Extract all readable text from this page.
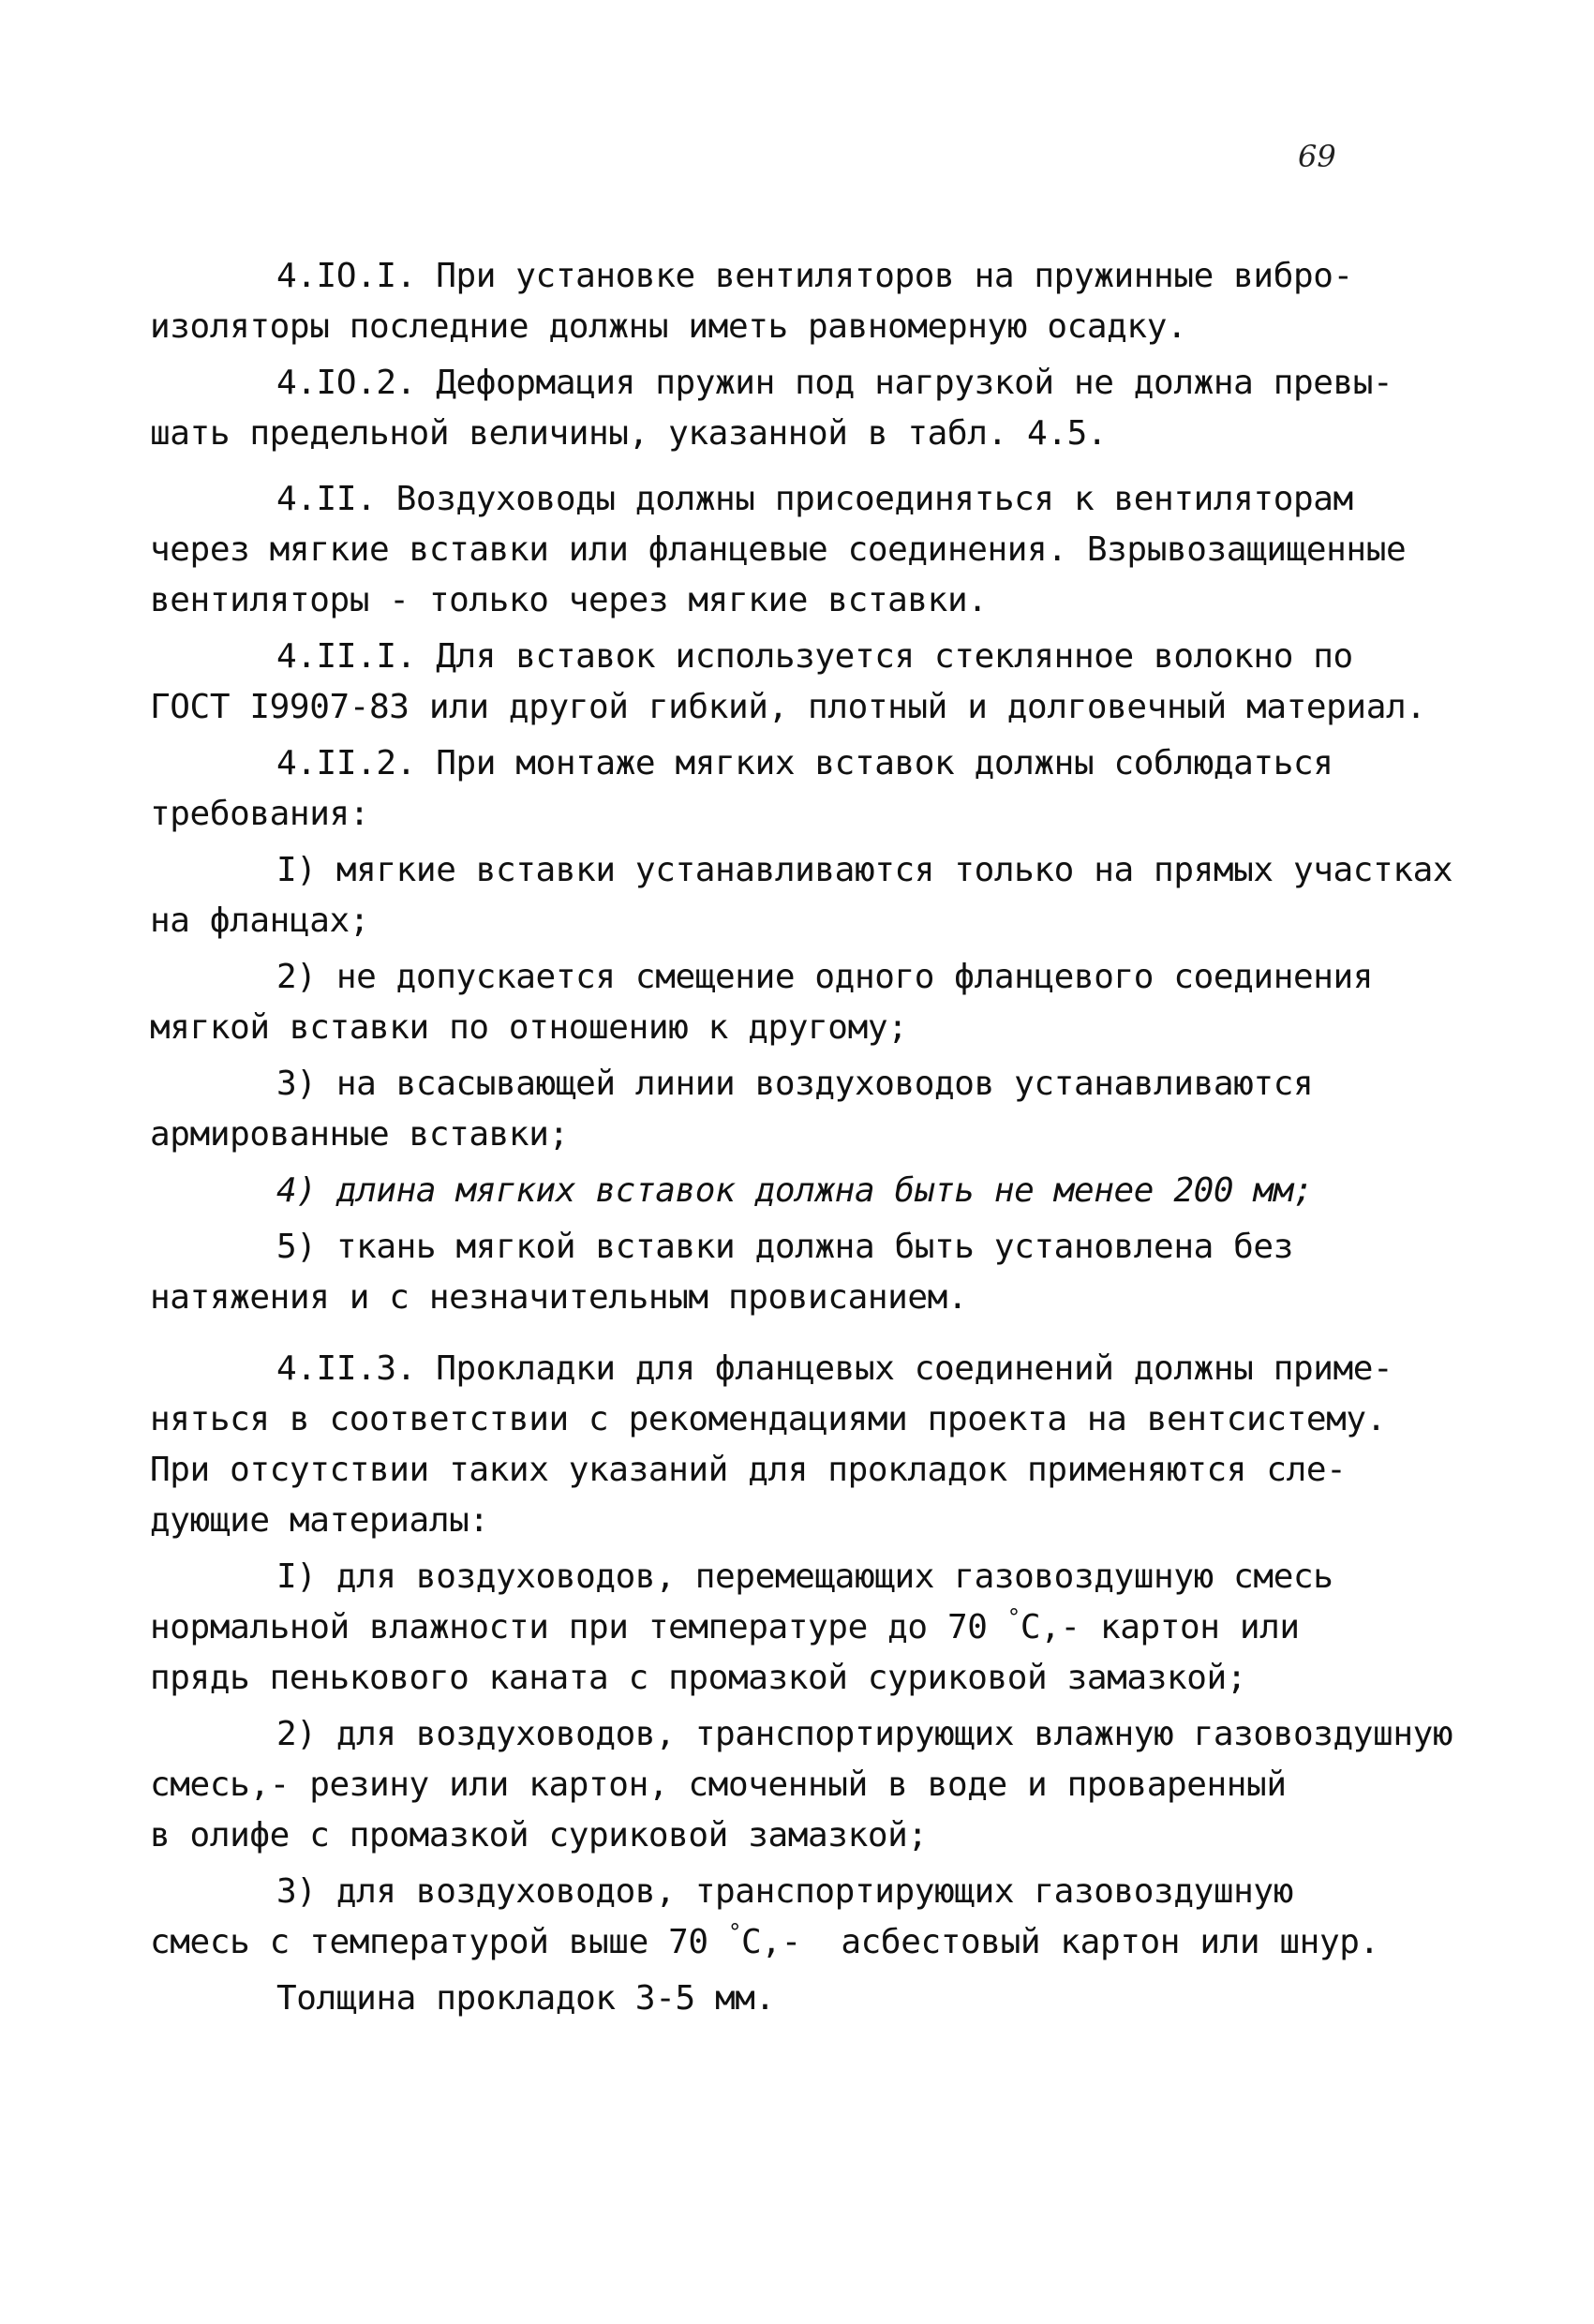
69
4.IO.I. При установке вентиляторов на пружинные вибро-
изоляторы последние должны иметь равномерную осадку.
4.IO.2. Деформация пружин под нагрузкой не должна превы-
шать предельной величины, указанной в табл. 4.5.
4.II. Воздуховоды должны присоединяться к вентиляторам
через мягкие вставки или фланцевые соединения. Взрывозащищенные
вентиляторы - только через мягкие вставки.
4.II.I. Для вставок используется стеклянное волокно по
ГОСТ I9907-83 или другой гибкий, плотный и долговечный материал.
4.II.2. При монтаже мягких вставок должны соблюдаться
требования:
I) мягкие вставки устанавливаются только на прямых участках
на фланцах;
2) не допускается смещение одного фланцевого соединения
мягкой вставки по отношению к другому;
3) на всасывающей линии воздуховодов устанавливаются
армированные вставки;
4) длина мягких вставок должна быть не менее 200 мм;
5) ткань мягкой вставки должна быть установлена без
натяжения и с незначительным провисанием.
4.II.3. Прокладки для фланцевых соединений должны приме-
няться в соответствии с рекомендациями проекта на вентсистему.
При отсутствии таких указаний для прокладок применяются сле-
дующие материалы:
I) для воздуховодов, перемещающих газовоздушную смесь
нормальной влажности при температуре до 70 °С,- картон или
прядь пенькового каната с промазкой суриковой замазкой;
2) для воздуховодов, транспортирующих влажную газовоздушную
смесь,- резину или картон, смоченный в воде и проваренный
в олифе с промазкой суриковой замазкой;
3) для воздуховодов, транспортирующих газовоздушную
смесь с температурой выше 70 °С,-  асбестовый картон или шнур.
Толщина прокладок 3-5 мм.
